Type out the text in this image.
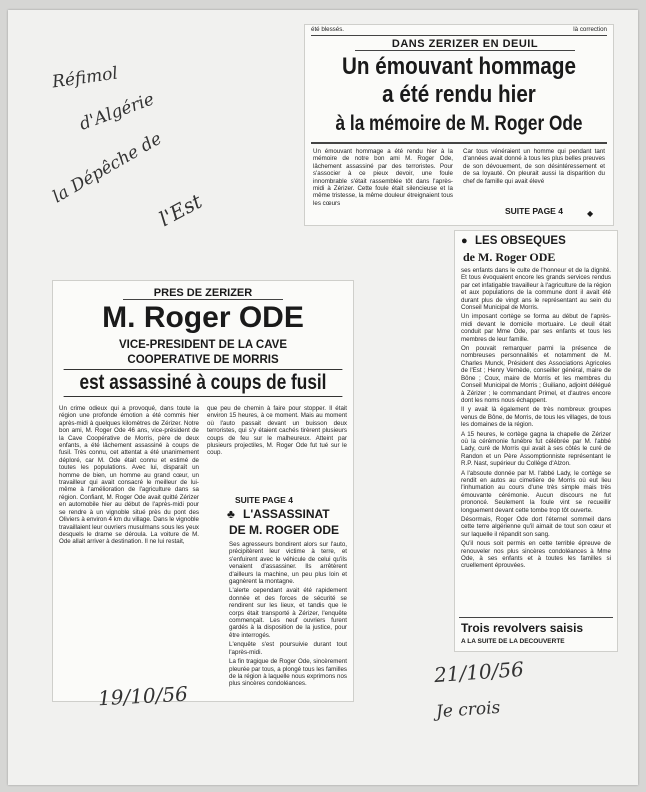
Réfimol
d'Algérie
la Dépêche de
l'Est
été blessés.	là correction
DANS ZERIZER EN DEUIL
Un émouvant hommage
a été rendu hier
à la mémoire de M. Roger Ode
Un émouvant hommage a été rendu hier à la mémoire de notre bon ami M. Roger Ode, lâchement assassiné par des terroristes. Pour s'associer à ce pieux devoir, une foule innombrable s'était rassemblée tôt dans l'après-midi à Zérizer. Cette foule était silencieuse et la même tristesse, la même douleur étreignaient tous les cœurs
Car tous vénéraient un homme qui pendant tant d'années avait donné à tous les plus belles preuves de son dévouement, de son désintéressement et de sa loyauté. On pleurait aussi la disparition du chef de famille qui avait élevé
SUITE PAGE 4	◆
● LES OBSEQUES
de M. Roger ODE

ses enfants dans le culte de l'honneur et de la dignité. Et tous évoquaient encore les grands services rendus par cet infatigable travailleur à l'agriculture de la région et aux populations de la commune dont il avait été durant plus de vingt ans le représentant au sein du Conseil Municipal de Morris.

Un imposant cortège se forma au début de l'après-midi devant le domicile mortuaire. Le deuil était conduit par Mme Ode, par ses enfants et tous les membres de leur famille.

On pouvait remarquer parmi la présence de nombreuses personnalités et notamment de M. Charles Munck, Président des Associations Agricoles de l'Est ; Henry Vernède, conseiller général, maire de Bône ; Coux, maire de Morris et les membres du Conseil Municipal de Morris ; Guiliano, adjoint délégué à Zérizer ; le commandant Primel, et d'autres encore dont les noms nous échappent.

Il y avait là également de très nombreux groupes venus de Bône, de Morris, de tous les villages, de tous les domaines de la région.

A 15 heures, le cortège gagna la chapelle de Zérizer où la cérémonie funèbre fut célébrée par M. l'abbé Lady, curé de Morris qui avait à ses côtés le curé de Randon et un Père Assomptionniste représentant le R.P. Nast, supérieur du Collège d'Alzon.

A l'absoute donnée par M. l'abbé Lady, le cortège se rendit en autos au cimetière de Morris où eut lieu l'inhumation au cours d'une très simple mais très émouvante cérémonie. Aucun discours ne fut prononcé. Seulement la foule vint se recueillir longuement devant cette tombe trop tôt ouverte.

Désormais, Roger Ode dort l'éternel sommeil dans cette terre algérienne qu'il aimait de tout son cœur et sur laquelle il répandit son sang.

Qu'il nous soit permis en cette terrible épreuve de renouveler nos plus sincères condoléances à Mme Ode, à ses enfants et à toutes les familles si cruellement éprouvées.

Trois revolvers saisis
A LA SUITE DE LA DECOUVERTE
PRES DE ZERIZER
M. Roger ODE
VICE-PRESIDENT DE LA CAVE
COOPERATIVE DE MORRIS
est assassiné à coups de fusil
Un crime odieux qui a provoqué, dans toute la région une profonde émotion a été commis hier après-midi à quelques kilomètres de Zérizer. Notre bon ami, M. Roger Ode 46 ans, vice-président de la Cave Coopérative de Morris, père de deux enfants, a été lâchement assassiné à coups de fusil. Très connu, cet attentat a été unanimement déploré, car M. Ode était connu et estimé de toutes les populations. Avec lui, disparaît un homme de bien, un homme au grand cœur, un travailleur qui avait consacré le meilleur de lui-même à l'amélioration de l'agriculture dans sa région. Confiant, M. Roger Ode avait quitté Zérizer en automobile hier au début de l'après-midi pour se rendre à un vignoble situé près du pont des Oliviers à environ 4 km du village. Dans le vignoble travaillaient leur ouvriers musulmans sous les yeux desquels le drame se déroula. La voiture de M. Ode allait arriver à destination. Il ne lui restait,
que peu de chemin à faire pour stopper. Il était environ 15 heures, à ce moment. Mais au moment où l'auto passait devant un buisson deux terroristes, qui s'y étaient cachés tirèrent plusieurs coups de feu sur le malheureux. Atteint par plusieurs projectiles, M. Roger Ode fut tué sur le coup.
SUITE PAGE 4
♣ L'ASSASSINAT
DE M. ROGER ODE

Ses agresseurs bondirent alors sur l'auto, précipitèrent leur victime à terre, et s'enfuirent avec le véhicule de celui qu'ils venaient d'assassiner. Ils arrêtèrent d'ailleurs la machine, un peu plus loin et gagnèrent la montagne.

L'alerte cependant avait été rapidement donnée et des forces de sécurité se rendirent sur les lieux, et tandis que le corps était transporté à Zérizer, l'enquête commençait. Les neuf ouvriers furent gardés à la disposition de la justice, pour être interrogés.

L'enquête s'est poursuivie durant tout l'après-midi.

La fin tragique de Roger Ode, sincèrement pleurée par tous, a plongé tous les familles de la région à laquelle nous exprimons nos plus sincères condoléances.

19/10/56
21/10/56
Je crois
